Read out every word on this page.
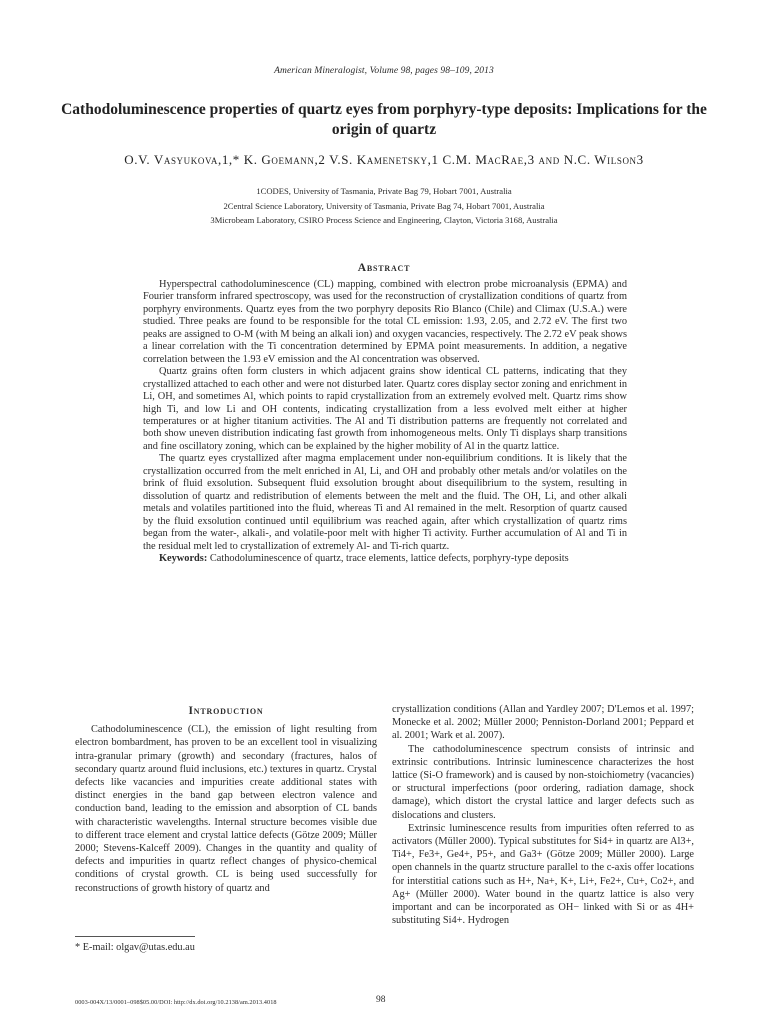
American Mineralogist, Volume 98, pages 98–109, 2013
Cathodoluminescence properties of quartz eyes from porphyry-type deposits: Implications for the origin of quartz
O.V. Vasyukova,1,* K. Goemann,2 V.S. Kamenetsky,1 C.M. MacRae,3 and N.C. Wilson3
1CODES, University of Tasmania, Private Bag 79, Hobart 7001, Australia
2Central Science Laboratory, University of Tasmania, Private Bag 74, Hobart 7001, Australia
3Microbeam Laboratory, CSIRO Process Science and Engineering, Clayton, Victoria 3168, Australia
Abstract

Hyperspectral cathodoluminescence (CL) mapping, combined with electron probe microanalysis (EPMA) and Fourier transform infrared spectroscopy, was used for the reconstruction of crystallization conditions of quartz from porphyry environments. Quartz eyes from the two porphyry deposits Rio Blanco (Chile) and Climax (U.S.A.) were studied. Three peaks are found to be responsible for the total CL emission: 1.93, 2.05, and 2.72 eV. The first two peaks are assigned to O-M (with M being an alkali ion) and oxygen vacancies, respectively. The 2.72 eV peak shows a linear correlation with the Ti concentration determined by EPMA point measurements. In addition, a negative correlation between the 1.93 eV emission and the Al concentration was observed.

Quartz grains often form clusters in which adjacent grains show identical CL patterns, indicating that they crystallized attached to each other and were not disturbed later. Quartz cores display sector zoning and enrichment in Li, OH, and sometimes Al, which points to rapid crystallization from an extremely evolved melt. Quartz rims show high Ti, and low Li and OH contents, indicating crystallization from a less evolved melt either at higher temperatures or at higher titanium activities. The Al and Ti distribution patterns are frequently not correlated and both show uneven distribution indicating fast growth from inhomogeneous melts. Only Ti displays sharp transitions and fine oscillatory zoning, which can be explained by the higher mobility of Al in the quartz lattice.

The quartz eyes crystallized after magma emplacement under non-equilibrium conditions. It is likely that the crystallization occurred from the melt enriched in Al, Li, and OH and probably other metals and/or volatiles on the brink of fluid exsolution. Subsequent fluid exsolution brought about disequilibrium to the system, resulting in dissolution of quartz and redistribution of elements between the melt and the fluid. The OH, Li, and other alkali metals and volatiles partitioned into the fluid, whereas Ti and Al remained in the melt. Resorption of quartz caused by the fluid exsolution continued until equilibrium was reached again, after which crystallization of quartz rims began from the water-, alkali-, and volatile-poor melt with higher Ti activity. Further accumulation of Al and Ti in the residual melt led to crystallization of extremely Al- and Ti-rich quartz.

Keywords: Cathodoluminescence of quartz, trace elements, lattice defects, porphyry-type deposits

Introduction

Cathodoluminescence (CL), the emission of light resulting from electron bombardment, has proven to be an excellent tool in visualizing intra-granular primary (growth) and secondary (fractures, halos of secondary quartz around fluid inclusions, etc.) textures in quartz. Crystal defects like vacancies and impurities create additional states with distinct energies in the band gap between electron valence and conduction band, leading to the emission and absorption of CL bands with characteristic wavelengths. Internal structure becomes visible due to different trace element and crystal lattice defects (Götze 2009; Müller 2000; Stevens-Kalceff 2009). Changes in the quantity and quality of defects and impurities in quartz reflect changes of physico-chemical conditions of crystal growth. CL is being used successfully for reconstructions of growth history of quartz and

crystallization conditions (Allan and Yardley 2007; D'Lemos et al. 1997; Monecke et al. 2002; Müller 2000; Penniston-Dorland 2001; Peppard et al. 2001; Wark et al. 2007).

The cathodoluminescence spectrum consists of intrinsic and extrinsic contributions. Intrinsic luminescence characterizes the host lattice (Si-O framework) and is caused by non-stoichiometry (vacancies) or structural imperfections (poor ordering, radiation damage, shock damage), which distort the crystal lattice and larger defects such as dislocations and clusters.

Extrinsic luminescence results from impurities often referred to as activators (Müller 2000). Typical substitutes for Si4+ in quartz are Al3+, Ti4+, Fe3+, Ge4+, P5+, and Ga3+ (Götze 2009; Müller 2000). Large open channels in the quartz structure parallel to the c-axis offer locations for interstitial cations such as H+, Na+, K+, Li+, Fe2+, Cu+, Co2+, and Ag+ (Müller 2000). Water bound in the quartz lattice is also very important and can be incorporated as OH− linked with Si or as 4H+ substituting Si4+. Hydrogen

* E-mail: olgav@utas.edu.au
0003-004X/13/0001–098$05.00/DOI: http://dx.doi.org/10.2138/am.2013.4018	98
